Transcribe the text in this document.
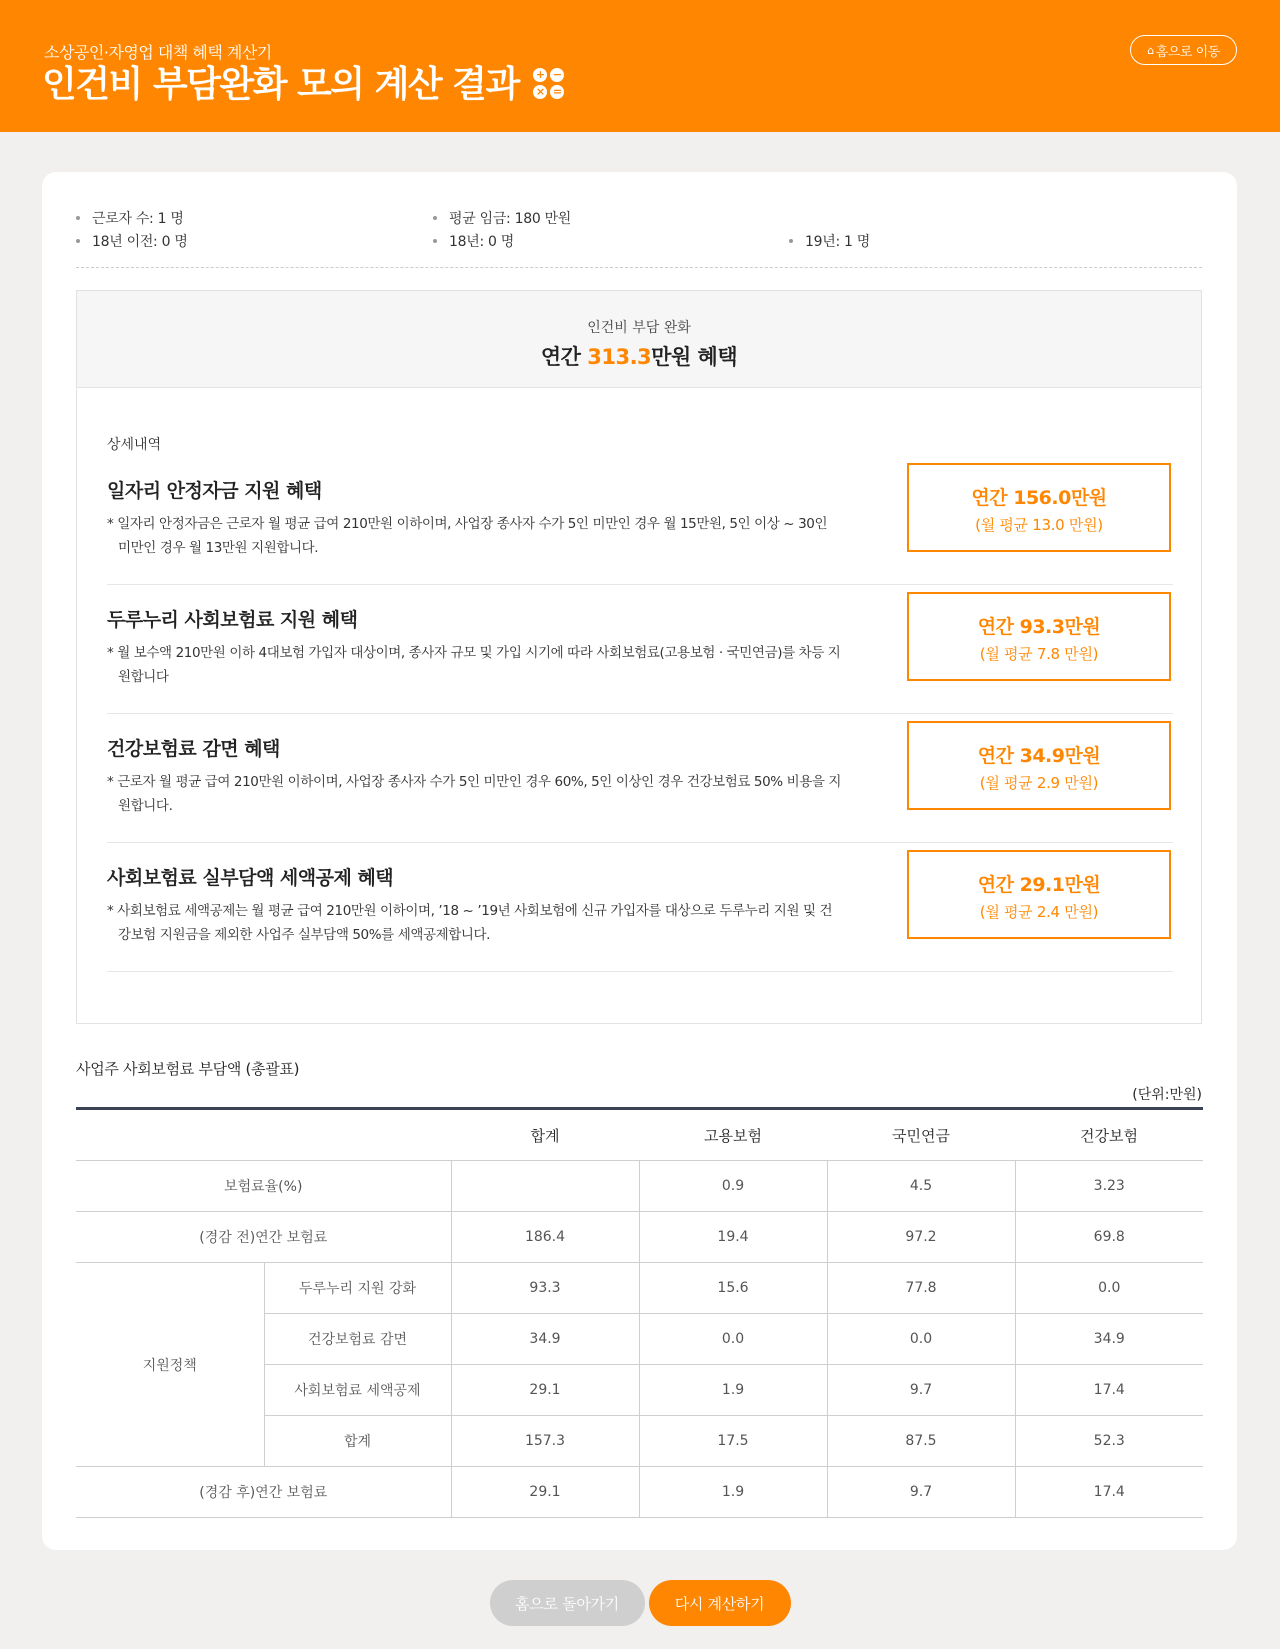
소상공인·자영업 대책 혜택 계산기
인건비 부담완화 모의 계산 결과 + −
× =
⌂ 홈으로 이동
근로자 수: 1 명	평균 임금: 180 만원
18년 이전: 0 명	18년: 0 명	19년: 1 명
인건비 부담 완화
연간 313.3만원 혜택
상세내역
일자리 안정자금 지원 혜택
* 일자리 안정자금은 근로자 월 평균 급여 210만원 이하이며, 사업장 종사자 수가 5인 미만인 경우 월 15만원, 5인 이상 ~ 30인 미만인 경우 월 13만원 지원합니다.
연간 156.0만원
(월 평균 13.0 만원)
두루누리 사회보험료 지원 혜택
* 월 보수액 210만원 이하 4대보험 가입자 대상이며, 종사자 규모 및 가입 시기에 따라 사회보험료(고용보험 · 국민연금)를 차등 지원합니다
연간 93.3만원
(월 평균 7.8 만원)
건강보험료 감면 혜택
* 근로자 월 평균 급여 210만원 이하이며, 사업장 종사자 수가 5인 미만인 경우 60%, 5인 이상인 경우 건강보험료 50% 비용을 지원합니다.
연간 34.9만원
(월 평균 2.9 만원)
사회보험료 실부담액 세액공제 혜택
* 사회보험료 세액공제는 월 평균 급여 210만원 이하이며, ’18 ~ ’19년 사회보험에 신규 가입자를 대상으로 두루누리 지원 및 건강보험 지원금을 제외한 사업주 실부담액 50%를 세액공제합니다.
연간 29.1만원
(월 평균 2.4 만원)
사업주 사회보험료 부담액 (총괄표)
(단위:만원)
		합계	고용보험	국민연금	건강보험
보험료율(%)			0.9	4.5	3.23
(경감 전)연간 보험료		186.4	19.4	97.2	69.8
지원정책	두루누리 지원 강화	93.3	15.6	77.8	0.0
	건강보험료 감면	34.9	0.0	0.0	34.9
	사회보험료 세액공제	29.1	1.9	9.7	17.4
	합계	157.3	17.5	87.5	52.3
(경감 후)연간 보험료		29.1	1.9	9.7	17.4
홈으로 돌아가기	다시 계산하기
